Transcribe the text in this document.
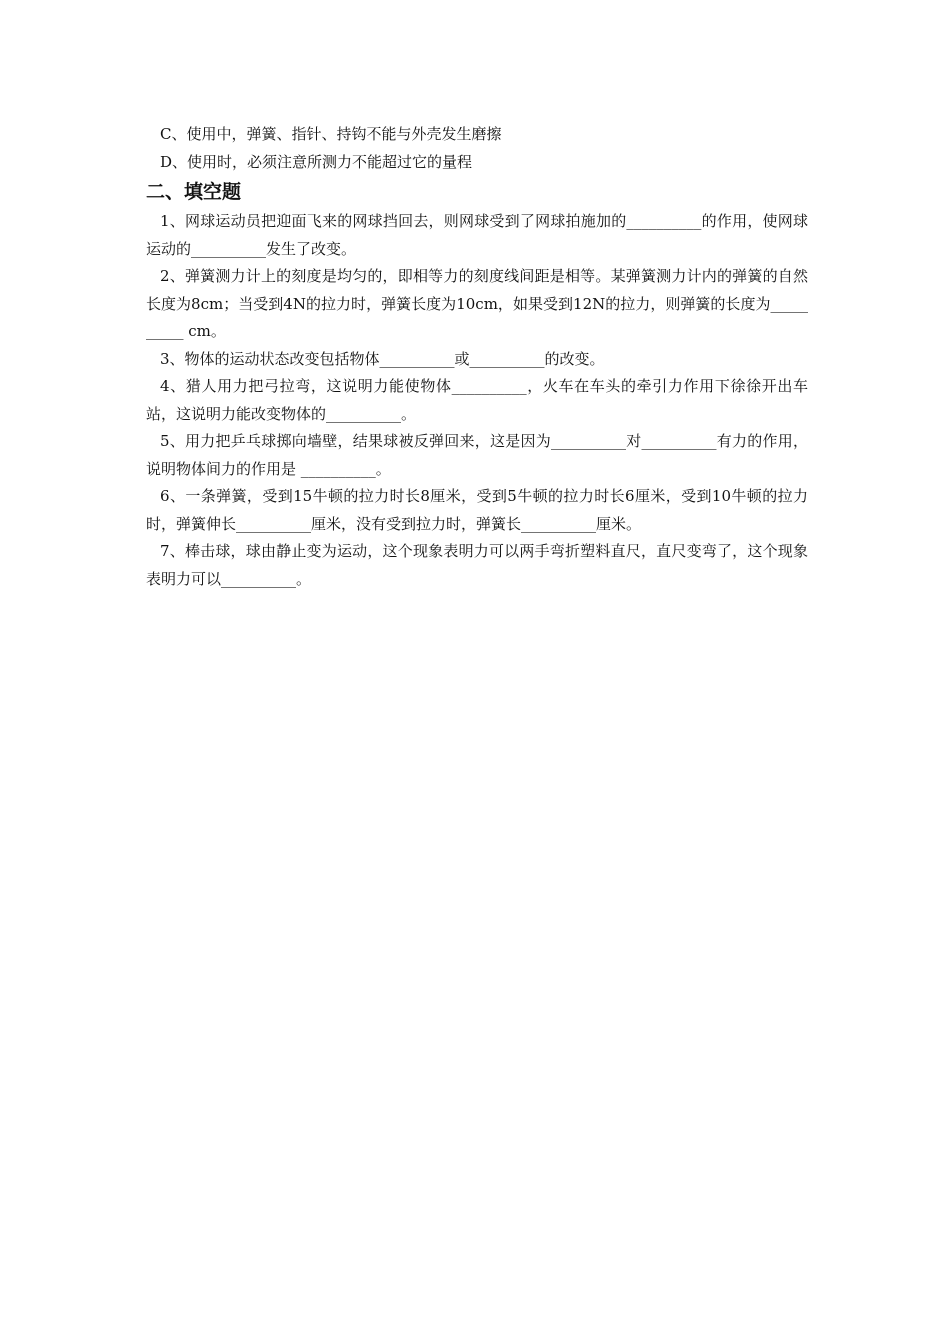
C、使用中，弹簧、指针、持钩不能与外壳发生磨擦
D、使用时，必须注意所测力不能超过它的量程
二、填空题

1、网球运动员把迎面飞来的网球挡回去，则网球受到了网球拍施加的__________的作用，使网球运动的__________发生了改变。

2、弹簧测力计上的刻度是均匀的，即相等力的刻度线间距是相等。某弹簧测力计内的弹簧的自然长度为8cm；当受到4N的拉力时，弹簧长度为10cm，如果受到12N的拉力，则弹簧的长度为__________ cm。

3、物体的运动状态改变包括物体__________或__________的改变。

4、猎人用力把弓拉弯，这说明力能使物体__________，火车在车头的牵引力作用下徐徐开出车站，这说明力能改变物体的__________。

5、用力把乒乓球掷向墙壁，结果球被反弹回来，这是因为__________对__________有力的作用，说明物体间力的作用是 __________。

6、一条弹簧，受到15牛顿的拉力时长8厘米，受到5牛顿的拉力时长6厘米，受到10牛顿的拉力时，弹簧伸长__________厘米，没有受到拉力时，弹簧长__________厘米。

7、棒击球，球由静止变为运动，这个现象表明力可以两手弯折塑料直尺，直尺变弯了，这个现象表明力可以__________。
